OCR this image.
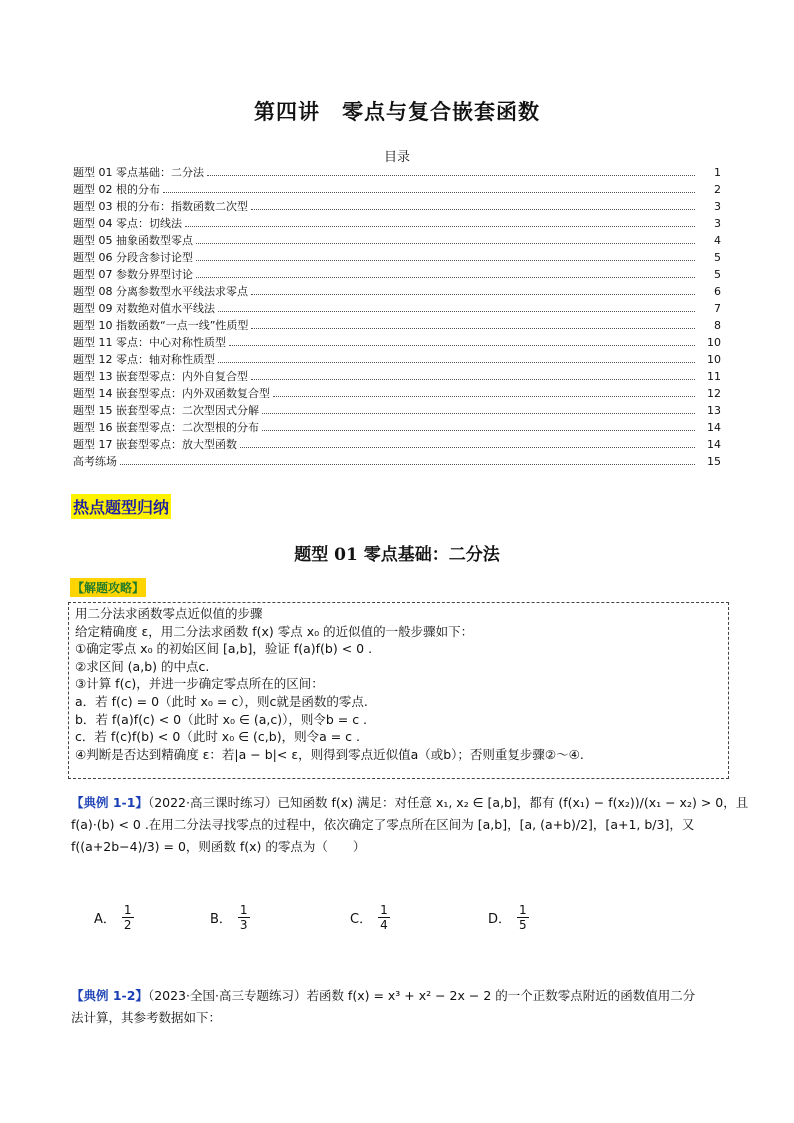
第四讲　零点与复合嵌套函数
目录
题型 01 零点基础：二分法	1
题型 02 根的分布	2
题型 03 根的分布：指数函数二次型	3
题型 04 零点：切线法	3
题型 05 抽象函数型零点	4
题型 06 分段含参讨论型	5
题型 07 参数分界型讨论	5
题型 08 分离参数型水平线法求零点	6
题型 09 对数绝对值水平线法	7
题型 10 指数函数“一点一线”性质型	8
题型 11 零点：中心对称性质型	10
题型 12 零点：轴对称性质型	10
题型 13 嵌套型零点：内外自复合型	11
题型 14 嵌套型零点：内外双函数复合型	12
题型 15 嵌套型零点：二次型因式分解	13
题型 16 嵌套型零点：二次型根的分布	14
题型 17 嵌套型零点：放大型函数	14
高考练场	15
热点题型归纳
题型 01 零点基础：二分法
【解题攻略】
用二分法求函数零点近似值的步骤
给定精确度 ε，用二分法求函数 f(x) 零点 x₀ 的近似值的一般步骤如下：
①确定零点 x₀ 的初始区间 [a,b]，验证 f(a)f(b) < 0 .
②求区间 (a,b) 的中点c.
③计算 f(c)，并进一步确定零点所在的区间：
a．若 f(c) = 0（此时 x₀ = c），则c就是函数的零点.
b．若 f(a)f(c) < 0（此时 x₀ ∈ (a,c)），则令b = c .
c．若 f(c)f(b) < 0（此时 x₀ ∈ (c,b)，则令a = c .
④判断是否达到精确度 ε：若|a − b|< ε，则得到零点近似值a（或b）；否则重复步骤②～④.
【典例 1-1】（2022·高三课时练习）已知函数 f(x) 满足：对任意 x₁, x₂ ∈ [a,b]，都有 (f(x₁) − f(x₂))/(x₁ − x₂) > 0，且
f(a)·(b) < 0 .在用二分法寻找零点的过程中，依次确定了零点所在区间为 [a,b]，[a, (a+b)/2]，[a+1, b/3]，又
f((a+2b−4)/3) = 0，则函数 f(x) 的零点为（　　）
A． $\frac{1}{2}$	B． $\frac{1}{3}$	C． $\frac{1}{4}$	D． $\frac{1}{5}$
【典例 1-2】（2023·全国·高三专题练习）若函数 f(x) = x³ + x² − 2x − 2 的一个正数零点附近的函数值用二分
法计算，其参考数据如下：
